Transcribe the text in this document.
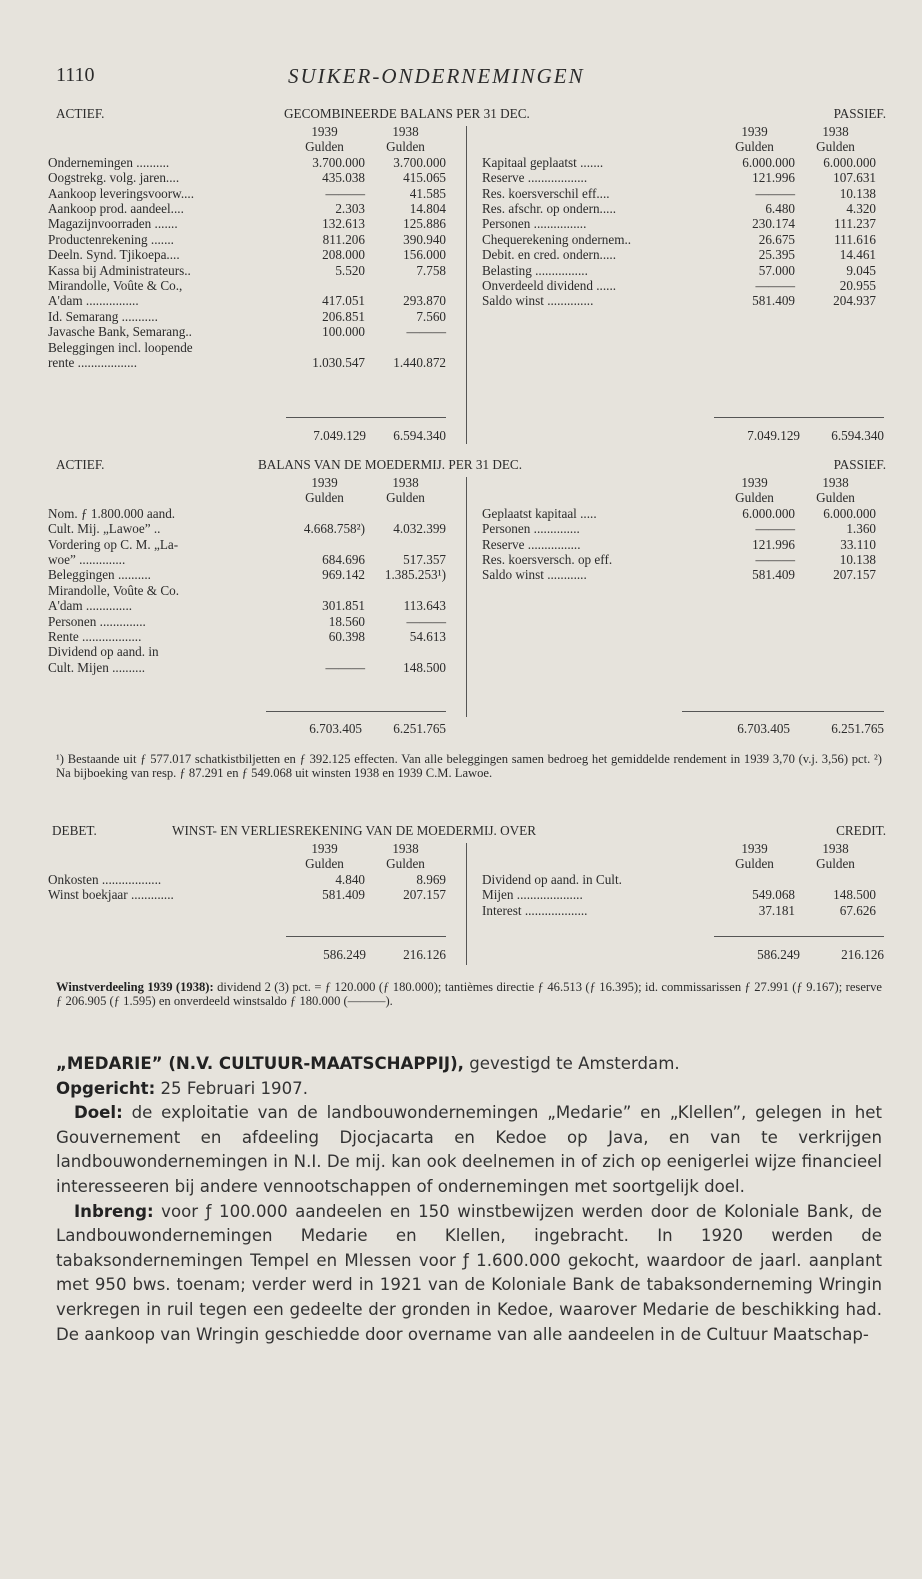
1110	SUIKER-ONDERNEMINGEN
ACTIEF.	GECOMBINEERDE BALANS PER 31 DEC.	PASSIEF.
	1939	1938
	Gulden	Gulden
Ondernemingen ..........	3.700.000	3.700.000
Oogstrekg. volg. jaren....	435.038	415.065
Aankoop leveringsvoorw....	———	41.585
Aankoop prod. aandeel....	2.303	14.804
Magazijnvoorraden .......	132.613	125.886
Productenrekening .......	811.206	390.940
Deeln. Synd. Tjikoepa....	208.000	156.000
Kassa bij Administrateurs..	5.520	7.758
Mirandolle, Voûte & Co.,		
A'dam ................	417.051	293.870
Id. Semarang ...........	206.851	7.560
Javasche Bank, Semarang..	100.000	———
Beleggingen incl. loopende		
rente ..................	1.030.547	1.440.872
	1939	1938
	Gulden	Gulden
Kapitaal geplaatst .......	6.000.000	6.000.000
Reserve ..................	121.996	107.631
Res. koersverschil eff....	———	10.138
Res. afschr. op ondern.....	6.480	4.320
Personen ................	230.174	111.237
Chequerekening ondernem..	26.675	111.616
Debit. en cred. ondern.....	25.395	14.461
Belasting ................	57.000	9.045
Onverdeeld dividend ......	———	20.955
Saldo winst ..............	581.409	204.937
7.049.129	6.594.340	7.049.129	6.594.340
ACTIEF.	BALANS VAN DE MOEDERMIJ. PER 31 DEC.	PASSIEF.
	1939	1938
	Gulden	Gulden
Nom. ƒ 1.800.000 aand.		
Cult. Mij. „Lawoe” ..	4.668.758²)	4.032.399
Vordering op C. M. „La-		
woe” ..............	684.696	517.357
Beleggingen ..........	969.142	1.385.253¹)
Mirandolle, Voûte & Co.		
A'dam ..............	301.851	113.643
Personen ..............	18.560	———
Rente ..................	60.398	54.613
Dividend op aand. in		
Cult. Mijen ..........	———	148.500
	1939	1938
	Gulden	Gulden
Geplaatst kapitaal .....	6.000.000	6.000.000
Personen ..............	———	1.360
Reserve ................	121.996	33.110
Res. koersversch. op eff.	———	10.138
Saldo winst ............	581.409	207.157
6.703.405	6.251.765	6.703.405	6.251.765
¹) Bestaande uit ƒ 577.017 schatkistbiljetten en ƒ 392.125 effecten. Van alle beleggingen samen bedroeg het gemiddelde rendement in 1939 3,70 (v.j. 3,56) pct. ²) Na bijboeking van resp. ƒ 87.291 en ƒ 549.068 uit winsten 1938 en 1939 C.M. Lawoe.
DEBET.	WINST- EN VERLIESREKENING VAN DE MOEDERMIJ. OVER	CREDIT.
	1939	1938
	Gulden	Gulden
Onkosten ..................	4.840	8.969
Winst boekjaar .............	581.409	207.157
	1939	1938
	Gulden	Gulden
Dividend op aand. in Cult.		
Mijen ....................	549.068	148.500
Interest ...................	37.181	67.626
586.249	216.126	586.249	216.126
Winstverdeeling 1939 (1938): dividend 2 (3) pct. = ƒ 120.000 (ƒ 180.000); tantièmes directie ƒ 46.513 (ƒ 16.395); id. commissarissen ƒ 27.991 (ƒ 9.167); reserve ƒ 206.905 (ƒ 1.595) en onverdeeld winstsaldo ƒ 180.000 (———).

„MEDARIE” (N.V. CULTUUR-MAATSCHAPPIJ), gevestigd te Amsterdam.

Opgericht: 25 Februari 1907.

Doel: de exploitatie van de landbouwondernemingen „Medarie” en „Klellen”, gelegen in het Gouvernement en afdeeling Djocjacarta en Kedoe op Java, en van te verkrijgen landbouwondernemingen in N.I. De mij. kan ook deelnemen in of zich op eenigerlei wijze financieel interesseeren bij andere vennootschappen of ondernemingen met soortgelijk doel.

Inbreng: voor ƒ 100.000 aandeelen en 150 winstbewijzen werden door de Koloniale Bank, de Landbouwondernemingen Medarie en Klellen, ingebracht. In 1920 werden de tabaksondernemingen Tempel en Mlessen voor ƒ 1.600.000 gekocht, waardoor de jaarl. aanplant met 950 bws. toenam; verder werd in 1921 van de Koloniale Bank de tabaksonderneming Wringin verkregen in ruil tegen een gedeelte der gronden in Kedoe, waarover Medarie de beschikking had. De aankoop van Wringin geschiedde door overname van alle aandeelen in de Cultuur Maatschap-
